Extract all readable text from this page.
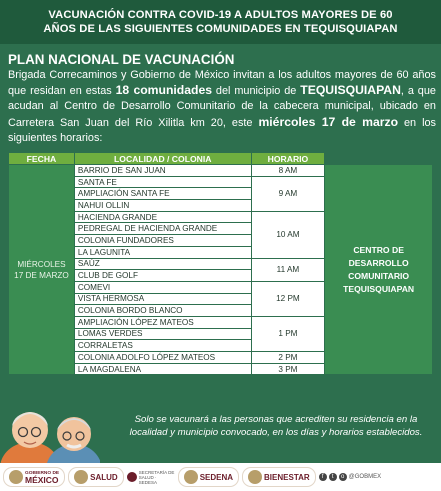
VACUNACIÓN CONTRA COVID-19 A ADULTOS MAYORES DE 60
AÑOS DE LAS SIGUIENTES COMUNIDADES EN TEQUISQUIAPAN
PLAN NACIONAL DE VACUNACIÓN

Brigada Correcaminos y Gobierno de México invitan a los adultos mayores de 60 años que residan en estas 18 comunidades del municipio de TEQUISQUIAPAN, a que acudan al Centro de Desarrollo Comunitario de la cabecera municipal, ubicado en Carretera San Juan del Río Xilitla km 20, este miércoles 17 de marzo en los siguientes horarios:

FECHA	LOCALIDAD / COLONIA	HORARIO	
MIÉRCOLES 17 DE MARZO	BARRIO DE SAN JUAN	8 AM	CENTRO DE DESARROLLO COMUNITARIO TEQUISQUIAPAN
	SANTA FE	9 AM	
	AMPLIACIÓN SANTA FE		
	NAHUI OLLIN		
	HACIENDA GRANDE	10 AM	
	PEDREGAL DE HACIENDA GRANDE		
	COLONIA FUNDADORES		
	LA LAGUNITA		
	SAÚZ	11 AM	
	CLUB DE GOLF		
	COMEVI	12 PM	
	VISTA HERMOSA		
	COLONIA BORDO BLANCO		
	AMPLIACIÓN LÓPEZ MATEOS	1 PM	
	LOMAS VERDES		
	CORRALETAS		
	COLONIA ADOLFO LÓPEZ MATEOS	2 PM	
	LA MAGDALENA	3 PM	
Solo se vacunará a las personas que acrediten su residencia en la localidad y municipio convocado, en los días y horarios establecidos.
GOBIERNO DE
MÉXICO	SALUD
SECRETARÍA DE SALUD · SEDESA
SEDENA	BIENESTAR	f	t	o @GOBMEX
